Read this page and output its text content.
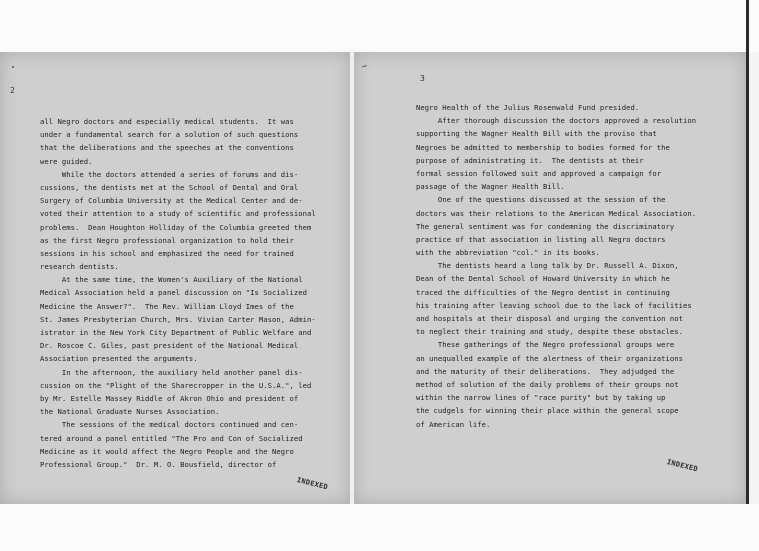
2
all Negro doctors and especially medical students.  It was
under a fundamental search for a solution of such questions
that the deliberations and the speeches at the conventions
were guided.
While the doctors attended a series of forums and dis-
cussions, the dentists met at the School of Dental and Oral
Surgery of Columbia University at the Medical Center and de-
voted their attention to a study of scientific and professional
problems.  Dean Houghton Holliday of the Columbia greeted them
as the first Negro professional organization to hold their
sessions in his school and emphasized the need for trained
research dentists.
At the same time, the Women's Auxiliary of the National
Medical Association held a panel discussion on "Is Socialized
Medicine the Answer?".  The Rev. William Lloyd Imes of the
St. James Presbyterian Church, Mrs. Vivian Carter Mason, Admin-
istrator in the New York City Department of Public Welfare and
Dr. Roscoe C. Giles, past president of the National Medical
Association presented the arguments.
In the afternoon, the auxiliary held another panel dis-
cussion on the "Plight of the Sharecropper in the U.S.A.", led
by Mr. Estelle Massey Riddle of Akron Ohio and president of
the National Graduate Nurses Association.
The sessions of the medical doctors continued and cen-
tered around a panel entitled "The Pro and Con of Socialized
Medicine as it would affect the Negro People and the Negro
Professional Group."  Dr. M. O. Bousfield, director of
INDEXED
~
3
Negro Health of the Julius Rosenwald Fund presided.
After thorough discussion the doctors approved a resolution
supporting the Wagner Health Bill with the proviso that
Negroes be admitted to membership to bodies formed for the
purpose of administrating it.  The dentists at their
formal session followed suit and approved a campaign for
passage of the Wagner Health Bill.
One of the questions discussed at the session of the
doctors was their relations to the American Medical Association.
The general sentiment was for condemning the discriminatory
practice of that association in listing all Negro doctors
with the abbreviation "col." in its books.
The dentists heard a long talk by Dr. Russell A. Dixon,
Dean of the Dental School of Howard University in which he
traced the difficulties of the Negro dentist in continuing
his training after leaving school due to the lack of facilities
and hospitals at their disposal and urging the convention not
to neglect their training and study, despite these obstacles.
These gatherings of the Negro professional groups were
an unequalled example of the alertness of their organizations
and the maturity of their deliberations.  They adjudged the
method of solution of the daily problems of their groups not
within the narrow lines of "race purity" but by taking up
the cudgels for winning their place within the general scope
of American life.
INDEXED
